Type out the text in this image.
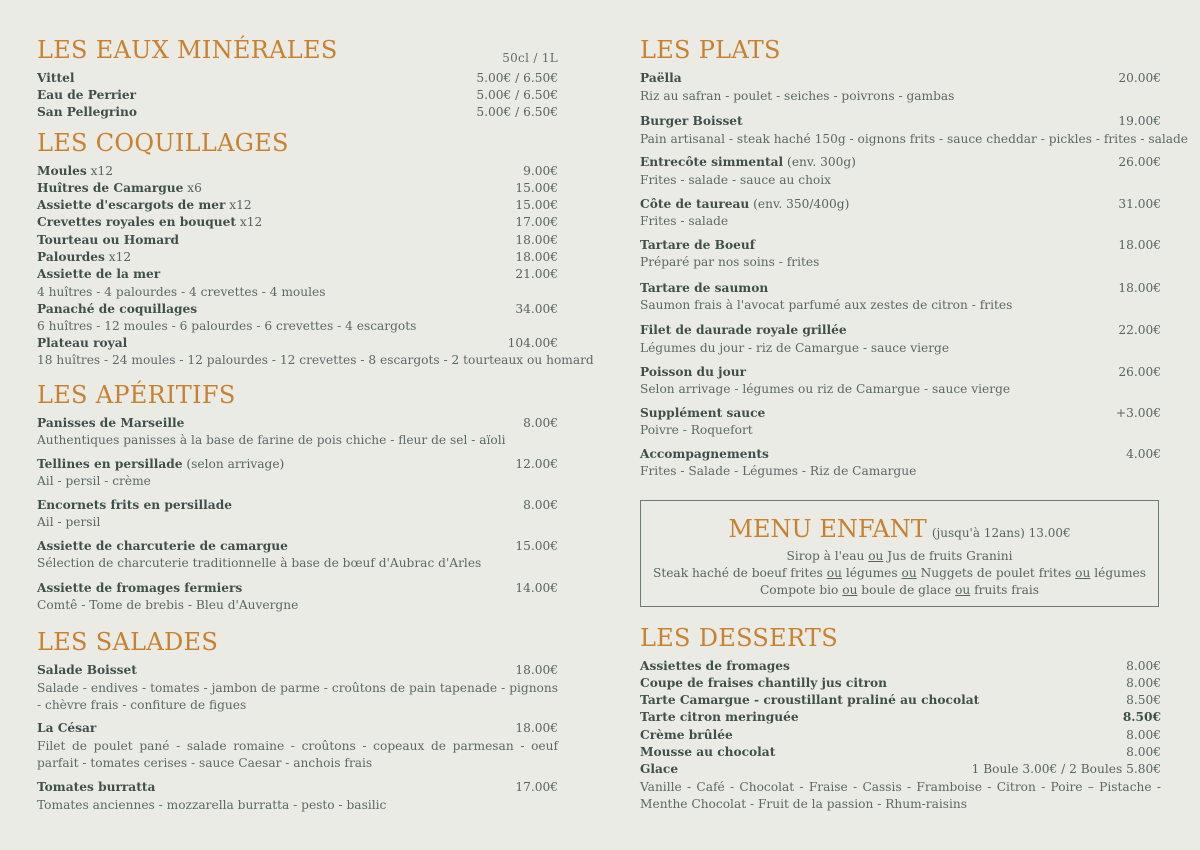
LES EAUX MINÉRALES	50cl / 1L
Vittel	5.00€ / 6.50€
Eau de Perrier	5.00€ / 6.50€
San Pellegrino	5.00€ / 6.50€
LES COQUILLAGES
Moules x12	9.00€
Huîtres de Camargue x6	15.00€
Assiette d'escargots de mer x12	15.00€
Crevettes royales en bouquet x12	17.00€
Tourteau ou Homard	18.00€
Palourdes x12	18.00€
Assiette de la mer	21.00€
4 huîtres - 4 palourdes - 4 crevettes - 4 moules
Panaché de coquillages	34.00€
6 huîtres - 12 moules - 6 palourdes - 6 crevettes - 4 escargots
Plateau royal	104.00€
18 huîtres - 24 moules - 12 palourdes - 12 crevettes - 8 escargots - 2 tourteaux ou homard
LES APÉRITIFS
Panisses de Marseille	8.00€
Authentiques panisses à la base de farine de pois chiche - fleur de sel - aïoli
Tellines en persillade (selon arrivage)	12.00€
Ail - persil - crème
Encornets frits en persillade	8.00€
Ail - persil
Assiette de charcuterie de camargue	15.00€
Sélection de charcuterie traditionnelle à base de bœuf d'Aubrac d'Arles
Assiette de fromages fermiers	14.00€
Comtê - Tome de brebis - Bleu d'Auvergne
LES SALADES
Salade Boisset	18.00€
Salade - endives - tomates - jambon de parme - croûtons de pain tapenade - pignons - chèvre frais - confiture de figues
La César	18.00€
Filet de poulet pané - salade romaine - croûtons - copeaux de parmesan - oeuf parfait - tomates cerises - sauce Caesar - anchois frais
Tomates burratta	17.00€
Tomates anciennes - mozzarella burratta - pesto - basilic
LES PLATS
Paëlla	20.00€
Riz au safran - poulet - seiches - poivrons - gambas
Burger Boisset	19.00€
Pain artisanal - steak haché 150g - oignons frits - sauce cheddar - pickles - frites - salade
Entrecôte simmental (env. 300g)	26.00€
Frites - salade - sauce au choix
Côte de taureau (env. 350/400g)	31.00€
Frites - salade
Tartare de Boeuf	18.00€
Préparé par nos soins - frites
Tartare de saumon	18.00€
Saumon frais à l'avocat parfumé aux zestes de citron - frites
Filet de daurade royale grillée	22.00€
Légumes du jour - riz de Camargue - sauce vierge
Poisson du jour	26.00€
Selon arrivage - légumes ou riz de Camargue - sauce vierge
Supplément sauce	+3.00€
Poivre - Roquefort
Accompagnements	4.00€
Frites - Salade - Légumes - Riz de Camargue
MENU ENFANT (jusqu'à 12ans) 13.00€
Sirop à l'eau ou Jus de fruits Granini
Steak haché de boeuf frites ou légumes ou Nuggets de poulet frites ou légumes
Compote bio ou boule de glace ou fruits frais
LES DESSERTS
Assiettes de fromages	8.00€
Coupe de fraises chantilly jus citron	8.00€
Tarte Camargue - croustillant praliné au chocolat	8.50€
Tarte citron meringuée	8.50€
Crème brûlée	8.00€
Mousse au chocolat	8.00€
Glace	1 Boule 3.00€ / 2 Boules 5.80€
Vanille - Café - Chocolat - Fraise - Cassis - Framboise - Citron - Poire – Pistache - Menthe Chocolat - Fruit de la passion - Rhum-raisins
